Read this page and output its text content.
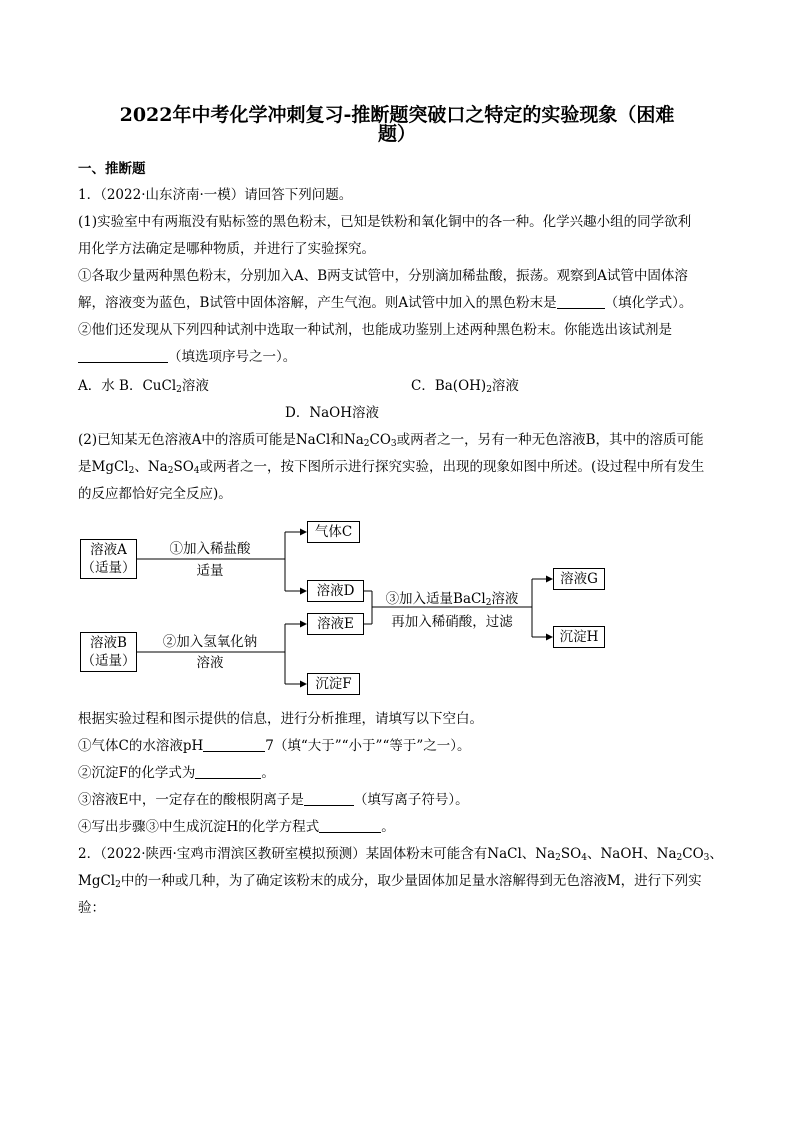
2022年中考化学冲刺复习-推断题突破口之特定的实验现象（困难
题）
一、推断题
1．（2022·山东济南·一模）请回答下列问题。
(1)实验室中有两瓶没有贴标签的黑色粉末，已知是铁粉和氧化铜中的各一种。化学兴趣小组的同学欲利
用化学方法确定是哪种物质，并进行了实验探究。
①各取少量两种黑色粉末，分别加入A、B两支试管中，分别滴加稀盐酸，振荡。观察到A试管中固体溶
解，溶液变为蓝色，B试管中固体溶解，产生气泡。则A试管中加入的黑色粉末是	（填化学式）。
②他们还发现从下列四种试剂中选取一种试剂，也能成功鉴别上述两种黑色粉末。你能选出该试剂是
（填选项序号之一）。
A．水 B．CuCl$_2$溶液	C．$Ba(OH)_2$溶液
D．NaOH溶液
(2)已知某无色溶液A中的溶质可能是NaCl和$Na_2CO_3$或两者之一，另有一种无色溶液B，其中的溶质可能
是MgCl$_2$、$Na_2SO_4$或两者之一，按下图所示进行探究实验，出现的现象如图中所述。(设过程中所有发生
的反应都恰好完全反应)。
溶液A
（适量）
溶液B
（适量）
气体C
溶液D
溶液E
沉淀F
溶液G
沉淀H
①加入稀盐酸
适量
②加入氢氧化钠
溶液
③加入适量BaCl$_2$溶液
再加入稀硝酸，过滤
根据实验过程和图示提供的信息，进行分析推理，请填写以下空白。
①气体C的水溶液pH	7（填“大于”“小于”“等于”之一）。
②沉淀F的化学式为	。
③溶液E中，一定存在的酸根阴离子是	（填写离子符号）。
④写出步骤③中生成沉淀H的化学方程式	。
2．（2022·陕西·宝鸡市渭滨区教研室模拟预测）某固体粉末可能含有NaCl、$Na_2SO_4$、NaOH、$Na_2CO_3$、
MgCl$_2$中的一种或几种，为了确定该粉末的成分，取少量固体加足量水溶解得到无色溶液M，进行下列实
验：
